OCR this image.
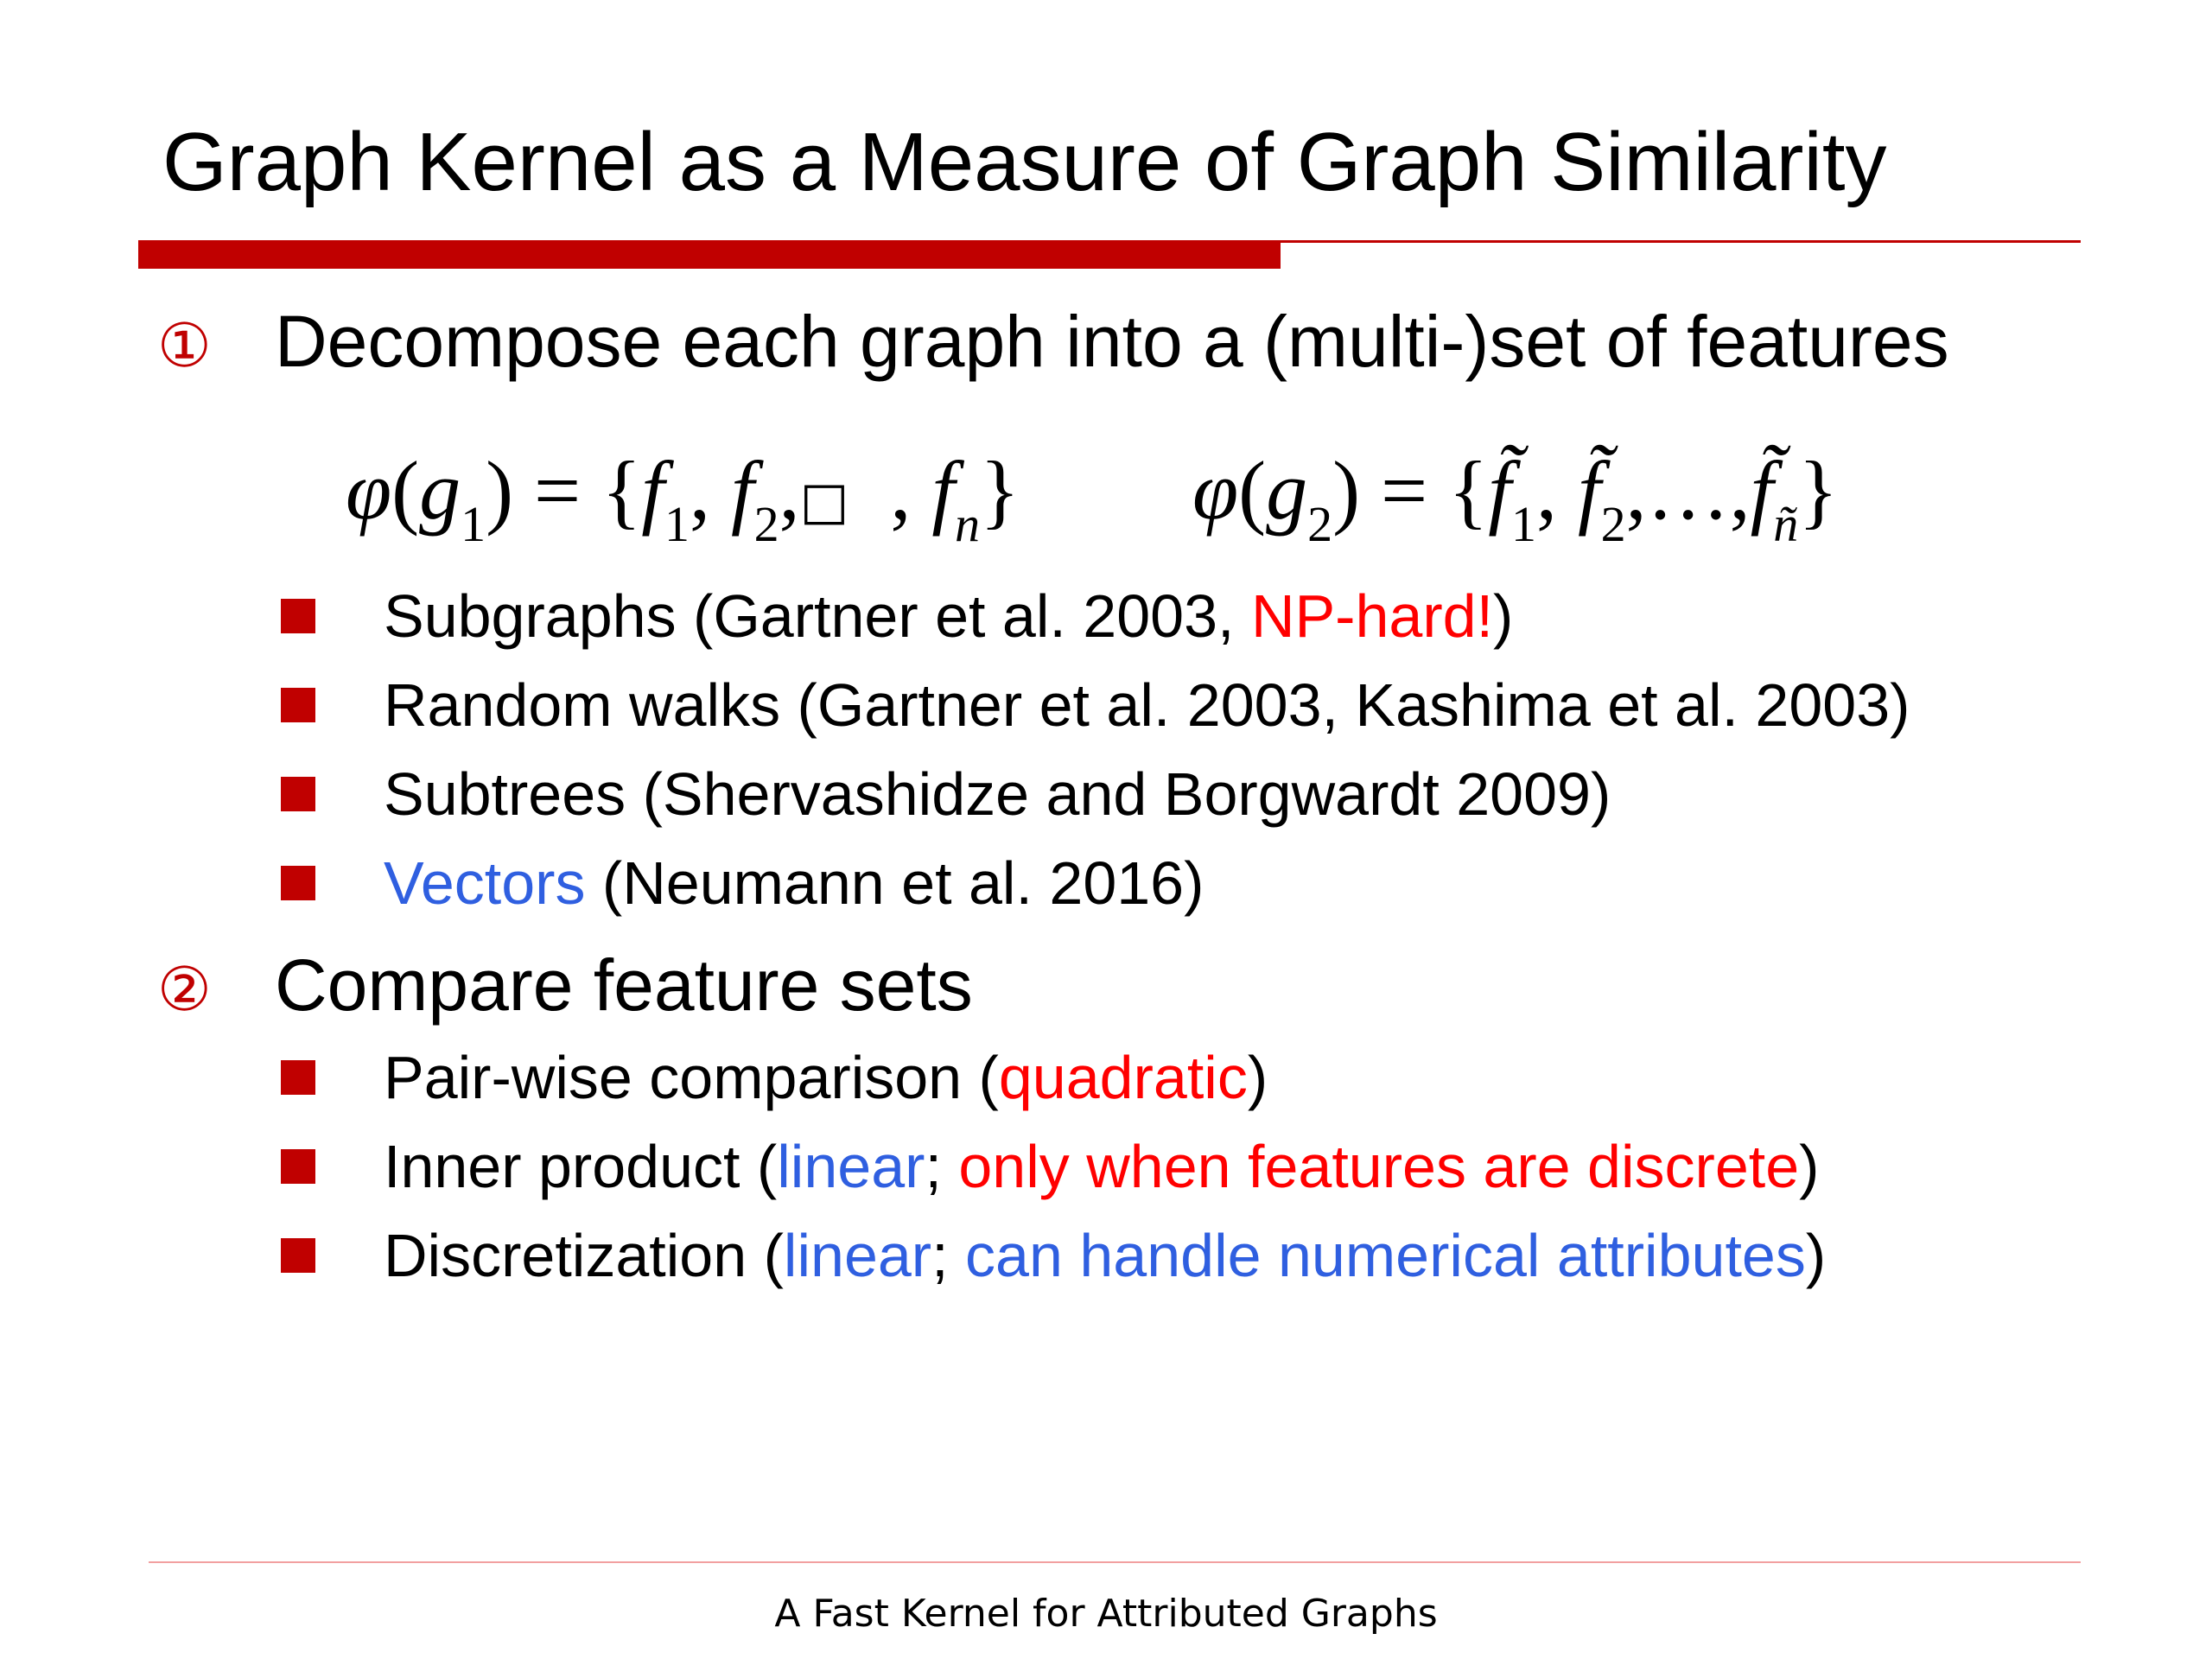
Graph Kernel as a Measure of Graph Similarity
① Decompose each graph into a (multi-)set of features
$\varphi(g_1) = \{f_1$, $f_2,□$  , $f_n$} $\varphi(g_2)$ = {$f̃_1$, $f̃_2,\dots,f̃_ñ$}
Subgraphs (Gartner et al. 2003, NP-hard!)
Random walks (Gartner et al. 2003, Kashima et al. 2003)
Subtrees (Shervashidze and Borgwardt 2009)
Vectors (Neumann et al. 2016)
② Compare feature sets
Pair-wise comparison (quadratic)
Inner product (linear; only when features are discrete)
Discretization (linear; can handle numerical attributes)
A Fast Kernel for Attributed Graphs
